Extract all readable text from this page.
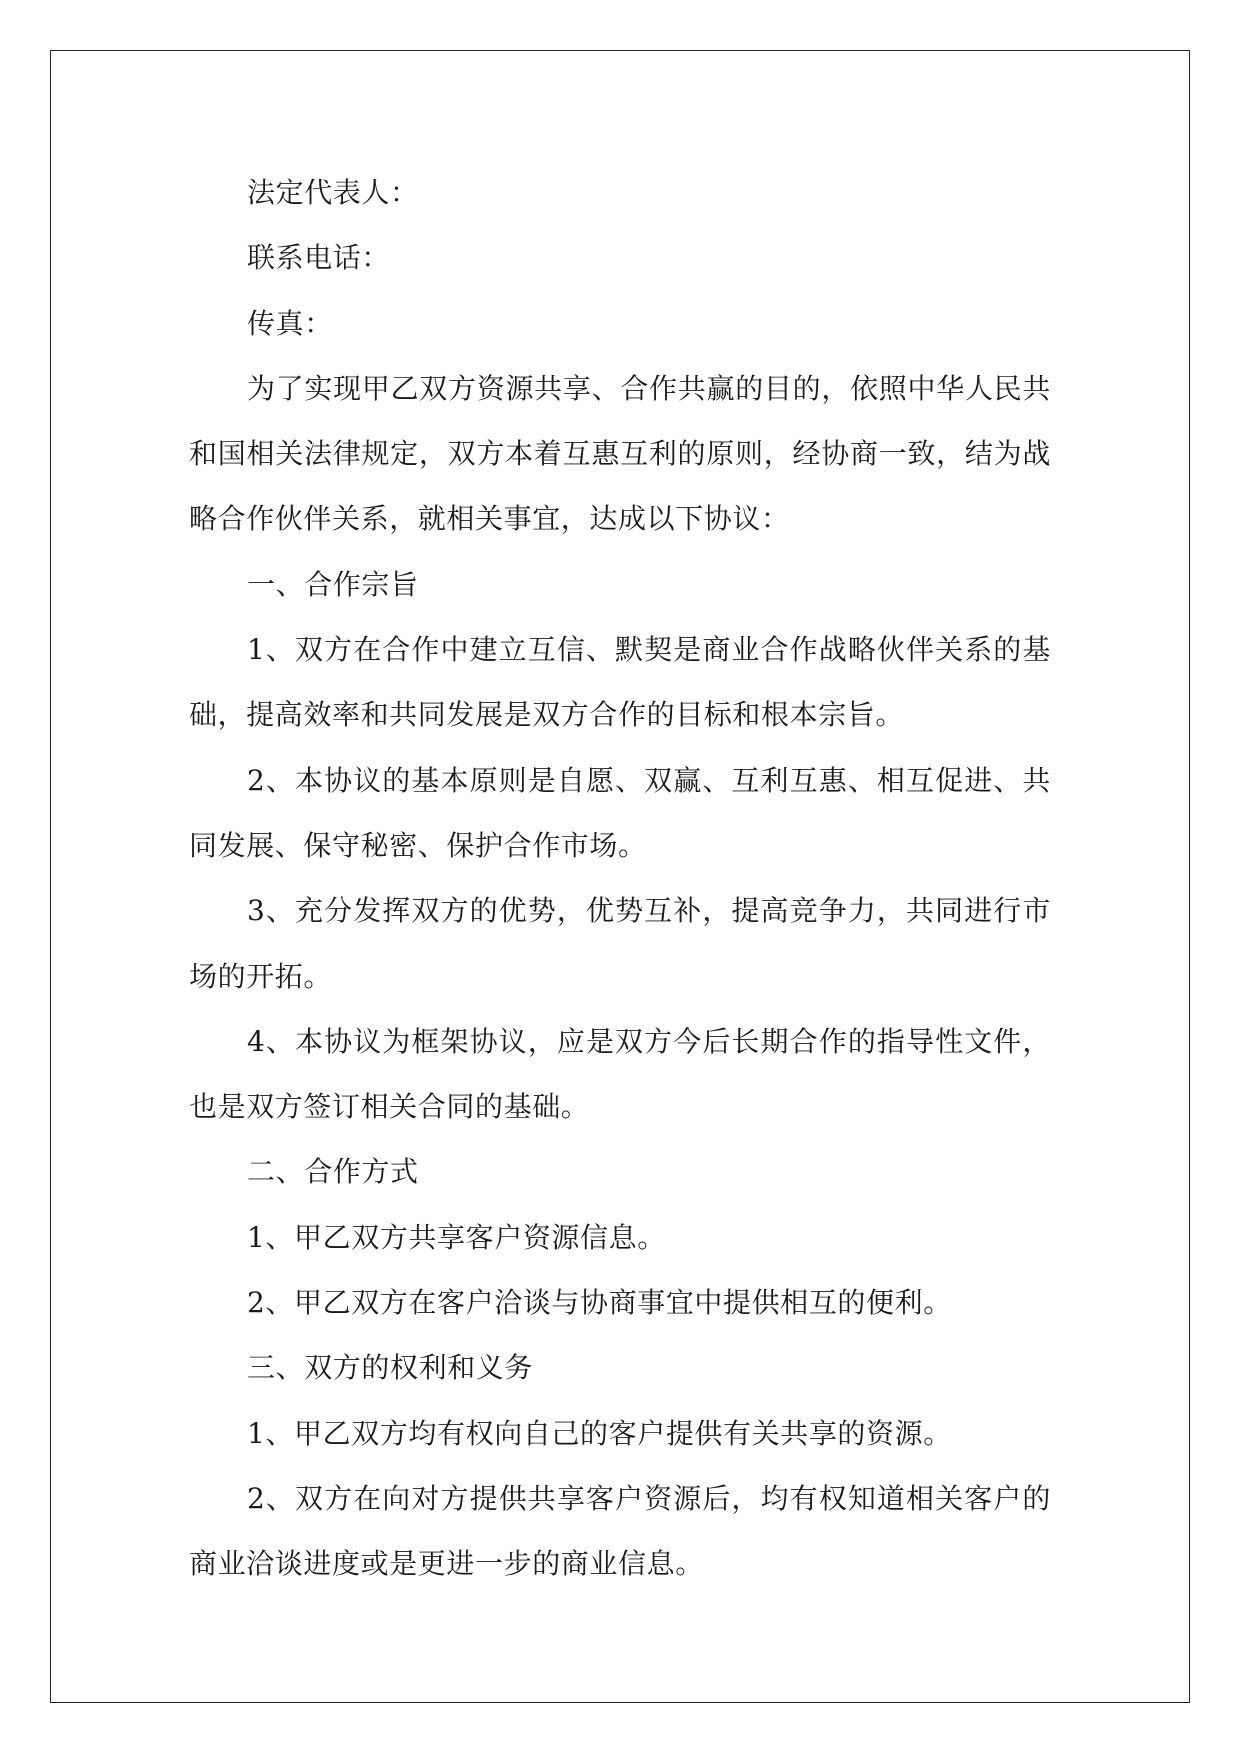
法定代表人：

联系电话：

传真：

为了实现甲乙双方资源共享、合作共赢的目的，依照中华人民共和国相关法律规定，双方本着互惠互利的原则，经协商一致，结为战略合作伙伴关系，就相关事宜，达成以下协议：

一、合作宗旨

1、双方在合作中建立互信、默契是商业合作战略伙伴关系的基础，提高效率和共同发展是双方合作的目标和根本宗旨。

2、本协议的基本原则是自愿、双赢、互利互惠、相互促进、共同发展、保守秘密、保护合作市场。

3、充分发挥双方的优势，优势互补，提高竞争力，共同进行市场的开拓。

4、本协议为框架协议，应是双方今后长期合作的指导性文件，也是双方签订相关合同的基础。

二、合作方式

1、甲乙双方共享客户资源信息。

2、甲乙双方在客户洽谈与协商事宜中提供相互的便利。

三、双方的权利和义务

1、甲乙双方均有权向自己的客户提供有关共享的资源。

2、双方在向对方提供共享客户资源后，均有权知道相关客户的商业洽谈进度或是更进一步的商业信息。
